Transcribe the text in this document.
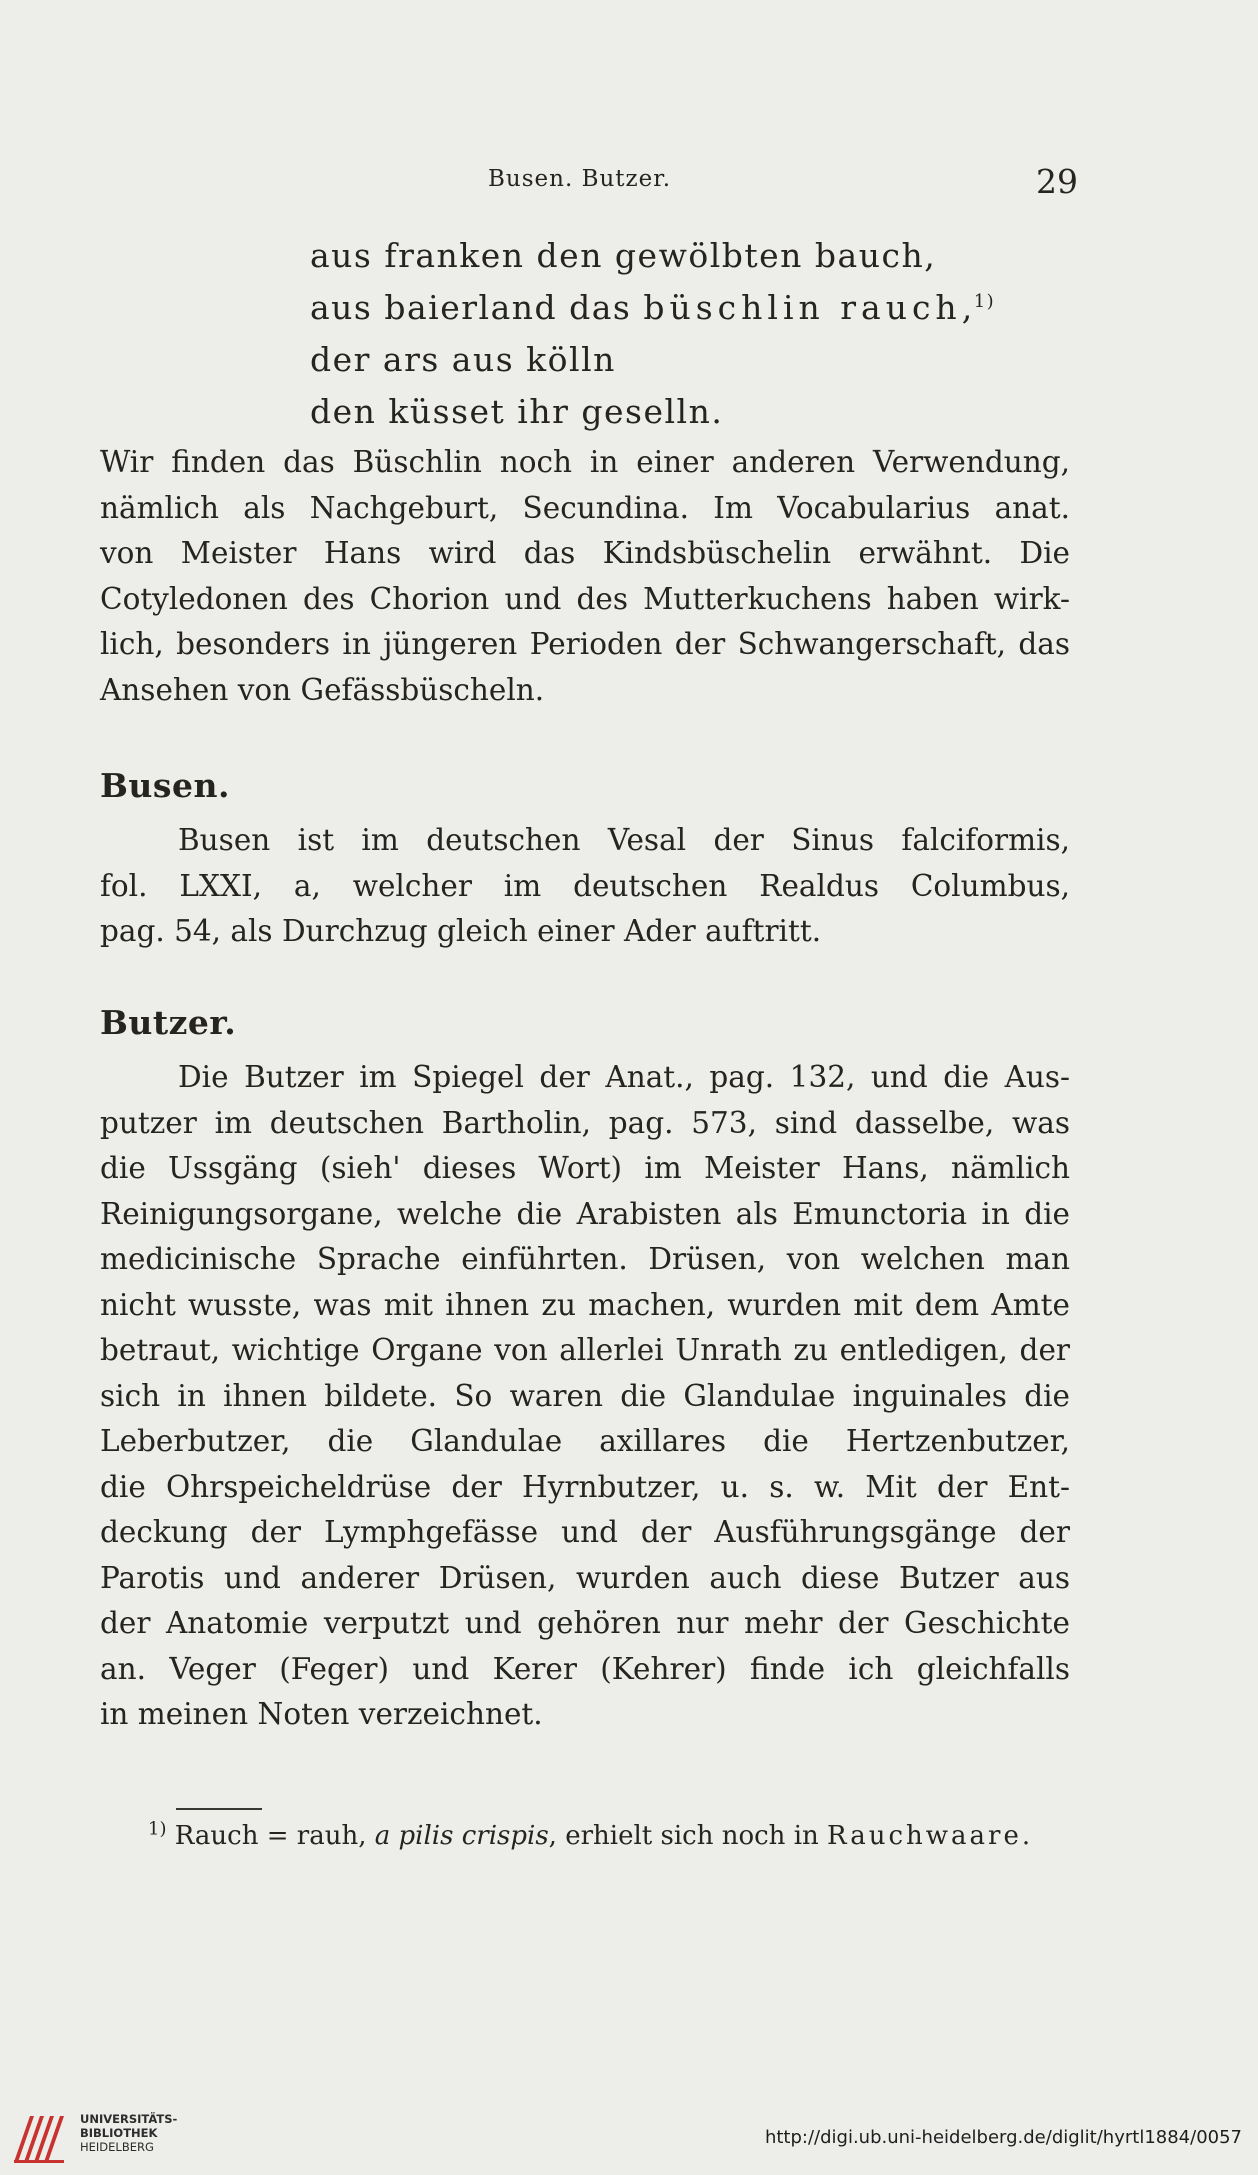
Busen. Butzer.	29
aus franken den gewölbten bauch,
aus baierland das büschlin rauch,$^{1)}$
der ars aus kölln
den küsset ihr geselln.
Wir finden das Büschlin noch in einer anderen Verwendung,
nämlich als Nachgeburt, Secundina. Im Vocabularius anat.
von Meister Hans wird das Kindsbüschelin erwähnt. Die
Cotyledonen des Chorion und des Mutterkuchens haben wirk-
lich, besonders in jüngeren Perioden der Schwangerschaft, das
Ansehen von Gefässbüscheln.
Busen.
Busen ist im deutschen Vesal der Sinus falciformis,
fol. LXXI, a, welcher im deutschen Realdus Columbus,
pag. 54, als Durchzug gleich einer Ader auftritt.
Butzer.
Die Butzer im Spiegel der Anat., pag. 132, und die Aus-
putzer im deutschen Bartholin, pag. 573, sind dasselbe, was
die Ussgäng (sieh' dieses Wort) im Meister Hans, nämlich
Reinigungsorgane, welche die Arabisten als Emunctoria in die
medicinische Sprache einführten. Drüsen, von welchen man
nicht wusste, was mit ihnen zu machen, wurden mit dem Amte
betraut, wichtige Organe von allerlei Unrath zu entledigen, der
sich in ihnen bildete. So waren die Glandulae inguinales die
Leberbutzer, die Glandulae axillares die Hertzenbutzer,
die Ohrspeicheldrüse der Hyrnbutzer, u. s. w. Mit der Ent-
deckung der Lymphgefässe und der Ausführungsgänge der
Parotis und anderer Drüsen, wurden auch diese Butzer aus
der Anatomie verputzt und gehören nur mehr der Geschichte
an. Veger (Feger) und Kerer (Kehrer) finde ich gleichfalls
in meinen Noten verzeichnet.
$^{1)}$ Rauch = rauh, a pilis crispis, erhielt sich noch in Rauchwaare.
UNIVERSITÄTS-
BIBLIOTHEK
HEIDELBERG	http://digi.ub.uni-heidelberg.de/diglit/hyrtl1884/0057
